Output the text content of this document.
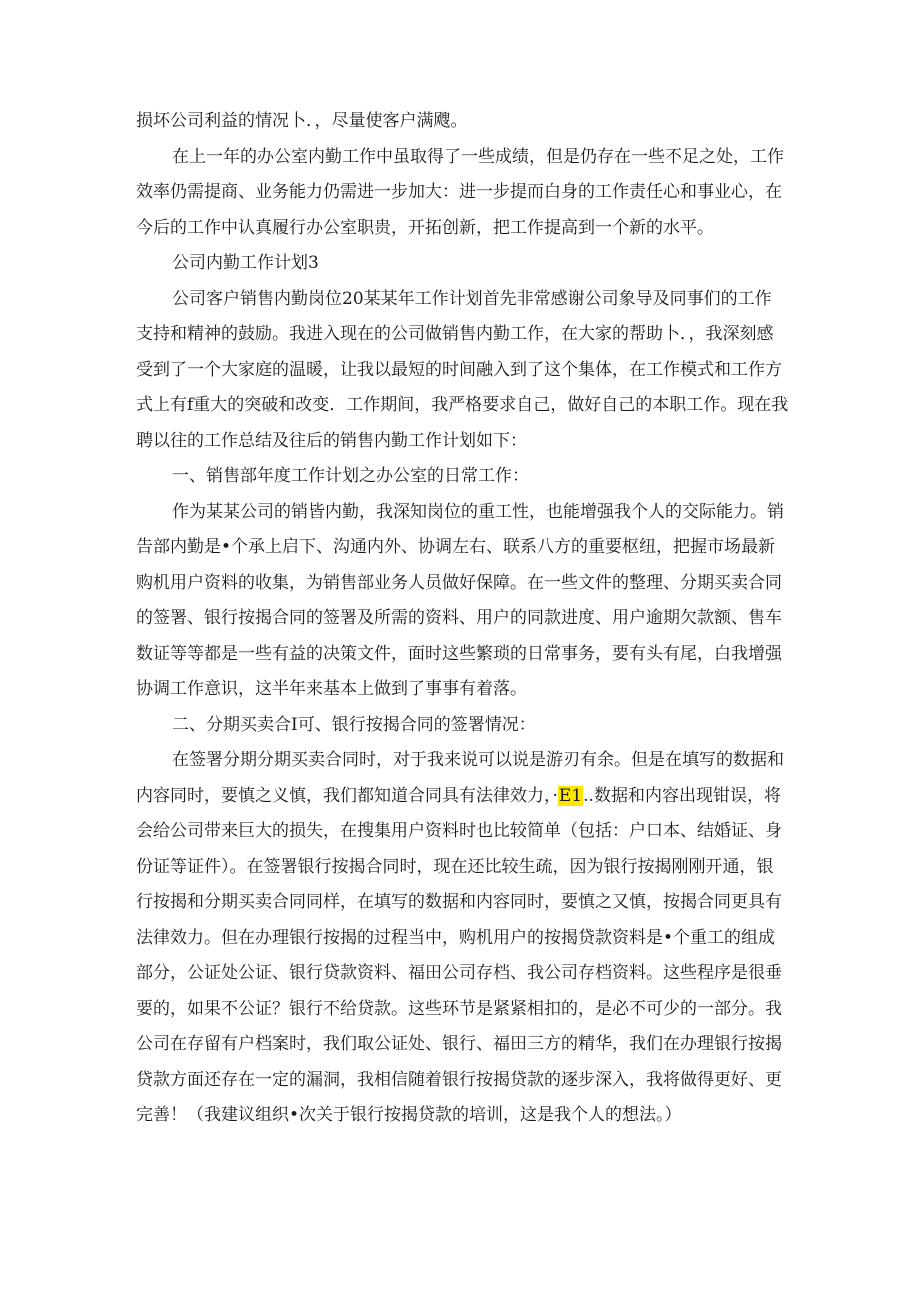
损坏公司利益的情况卜．，尽量使客户满飕。
在上一年的办公室内勤工作中虽取得了一些成绩，但是仍存在一些不足之处，工作
效率仍需提商、业务能力仍需进一步加大：进一步提而白身的工作责任心和事业心，在
今后的工作中认真履行办公室职贵，开拓创新，把工作提高到一个新的水平。
公司内勤工作计划3
公司客户销售内勤岗位20某某年工作计划首先非常感谢公司象导及同事们的工作
支持和精神的鼓励。我进入现在的公司做销售内勤工作，在大家的帮助卜．，我深刻感
受到了一个大家庭的温暖，让我以最短的时间融入到了这个集体，在工作模式和工作方
式上有f重大的突破和改变．工作期间，我严格要求自己，做好自己的本职工作。现在我
聘以往的工作总结及往后的销售内勤工作计划如下：
一、销售部年度工作计划之办公室的日常工作：
作为某某公司的销皆内勤，我深知岗位的重工性，也能增强我个人的交际能力。销
告部内勤是•个承上启下、沟通内外、协调左右、联系八方的重要枢纽，把握市场最新
购机用户资料的收集，为销售部业务人员做好保障。在一些文件的整理、分期买卖合同
的签署、银行按揭合同的签署及所需的资料、用户的同款进度、用户逾期欠款额、售车
数证等等都是一些有益的决策文件，面时这些繁琐的日常事务，要有头有尾，白我增强
协调工作意识，这半年来基本上做到了事事有着落。
二、分期买卖合I可、银行按揭合同的签署情况：
在签署分期分期买卖合同时，对于我来说可以说是游刃有余。但是在填写的数据和
内容同时，要慎之义慎，我们都知道合同具有法律效力，·E1..数据和内容出现钳误，将
会给公司带来巨大的损失，在搜集用户资料时也比较简单（包括：户口本、结婚证、身
份证等证件）。在签署银行按揭合同时，现在还比较生疏，因为银行按揭刚刚开通，银
行按揭和分期买卖合同同样，在填写的数据和内容同时，要慎之又慎，按揭合同更具有
法律效力。但在办理银行按揭的过程当中，购机用户的按揭贷款资料是•个重工的组成
部分，公证处公证、银行贷款资料、福田公司存档、我公司存档资料。这些程序是很垂
要的，如果不公证？银行不给贷款。这些环节是紧紧相扣的，是必不可少的一部分。我
公司在存留有户档案时，我们取公证处、银行、福田三方的精华，我们在办理银行按揭
贷款方面还存在一定的漏洞，我相信随着银行按揭贷款的逐步深入，我将做得更好、更
完善！（我建议组织•次关于银行按揭贷款的培训，这是我个人的想法。）
